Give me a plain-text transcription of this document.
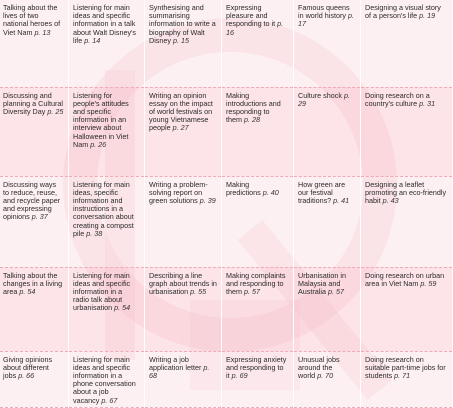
Talking about the lives of two national heroes of Viet Nam p. 13	Listening for main ideas and specific information in a talk about Walt Disney's life p. 14	Synthesising and summarising information to write a biography of Walt Disney p. 15	Expressing pleasure and responding to it p. 16	Famous queens in world history p. 17	Designing a visual story of a person's life p. 19
Discussing and planning a Cultural Diversity Day p. 25	Listening for people's attitudes and specific information in an interview about Halloween in Viet Nam p. 26	Writing an opinion essay on the impact of world festivals on young Vietnamese people p. 27	Making introductions and responding to them p. 28	Culture shock p. 29	Doing research on a country's culture p. 31
Discussing ways to reduce, reuse, and recycle paper and expressing opinions p. 37	Listening for main ideas, specific information and instructions in a conversation about creating a compost pile p. 38	Writing a problem-solving report on green solutions p. 39	Making predictions p. 40	How green are our festival traditions? p. 41	Designing a leaflet promoting an eco-friendly habit p. 43
Talking about the changes in a living area p. 54	Listening for main ideas and specific information in a radio talk about urbanisation p. 54	Describing a line graph about trends in urbanisation p. 55	Making complaints and responding to them p. 57	Urbanisation in Malaysia and Australia p. 57	Doing research on urban area in Viet Nam p. 59
Giving opinions about different jobs p. 66	Listening for main ideas and specific information in a phone conversation about a job vacancy p. 67	Writing a job application letter p. 68	Expressing anxiety and responding to it p. 69	Unusual jobs around the world p. 70	Doing research on suitable part-time jobs for students p. 71
